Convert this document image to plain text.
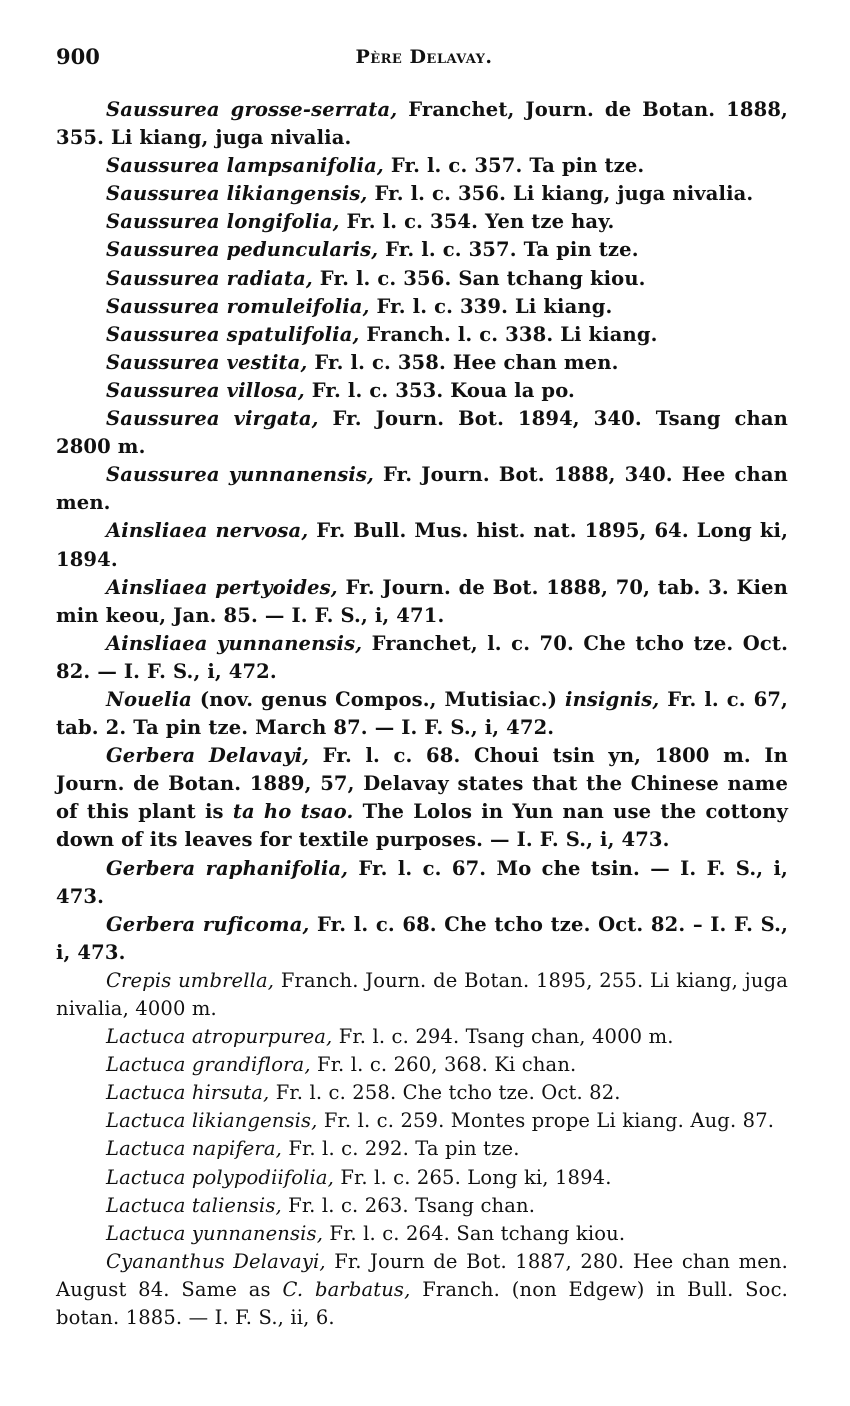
900	Père Delavay.

Saussurea grosse-serrata, Franchet, Journ. de Botan. 1888, 355. Li kiang, juga nivalia.

Saussurea lampsanifolia, Fr. l. c. 357. Ta pin tze.

Saussurea likiangensis, Fr. l. c. 356. Li kiang, juga nivalia.

Saussurea longifolia, Fr. l. c. 354. Yen tze hay.

Saussurea peduncularis, Fr. l. c. 357. Ta pin tze.

Saussurea radiata, Fr. l. c. 356. San tchang kiou.

Saussurea romuleifolia, Fr. l. c. 339. Li kiang.

Saussurea spatulifolia, Franch. l. c. 338. Li kiang.

Saussurea vestita, Fr. l. c. 358. Hee chan men.

Saussurea villosa, Fr. l. c. 353. Koua la po.

Saussurea virgata, Fr. Journ. Bot. 1894, 340. Tsang chan 2800 m.

Saussurea yunnanensis, Fr. Journ. Bot. 1888, 340. Hee chan men.

Ainsliaea nervosa, Fr. Bull. Mus. hist. nat. 1895, 64. Long ki, 1894.

Ainsliaea pertyoides, Fr. Journ. de Bot. 1888, 70, tab. 3. Kien min keou, Jan. 85. — I. F. S., i, 471.

Ainsliaea yunnanensis, Franchet, l. c. 70. Che tcho tze. Oct. 82. — I. F. S., i, 472.

Nouelia (nov. genus Compos., Mutisiac.) insignis, Fr. l. c. 67, tab. 2. Ta pin tze. March 87. — I. F. S., i, 472.

Gerbera Delavayi, Fr. l. c. 68. Choui tsin yn, 1800 m. In Journ. de Botan. 1889, 57, Delavay states that the Chinese name of this plant is ta ho tsao. The Lolos in Yun nan use the cottony down of its leaves for textile purposes. — I. F. S., i, 473.

Gerbera raphanifolia, Fr. l. c. 67. Mo che tsin. — I. F. S., i, 473.

Gerbera ruficoma, Fr. l. c. 68. Che tcho tze. Oct. 82. – I. F. S., i, 473.

Crepis umbrella, Franch. Journ. de Botan. 1895, 255. Li kiang, juga nivalia, 4000 m.

Lactuca atropurpurea, Fr. l. c. 294. Tsang chan, 4000 m.

Lactuca grandiflora, Fr. l. c. 260, 368. Ki chan.

Lactuca hirsuta, Fr. l. c. 258. Che tcho tze. Oct. 82.

Lactuca likiangensis, Fr. l. c. 259. Montes prope Li kiang. Aug. 87.

Lactuca napifera, Fr. l. c. 292. Ta pin tze.

Lactuca polypodiifolia, Fr. l. c. 265. Long ki, 1894.

Lactuca taliensis, Fr. l. c. 263. Tsang chan.

Lactuca yunnanensis, Fr. l. c. 264. San tchang kiou.

Cyananthus Delavayi, Fr. Journ de Bot. 1887, 280. Hee chan men. August 84. Same as C. barbatus, Franch. (non Edgew) in Bull. Soc. botan. 1885. — I. F. S., ii, 6.
